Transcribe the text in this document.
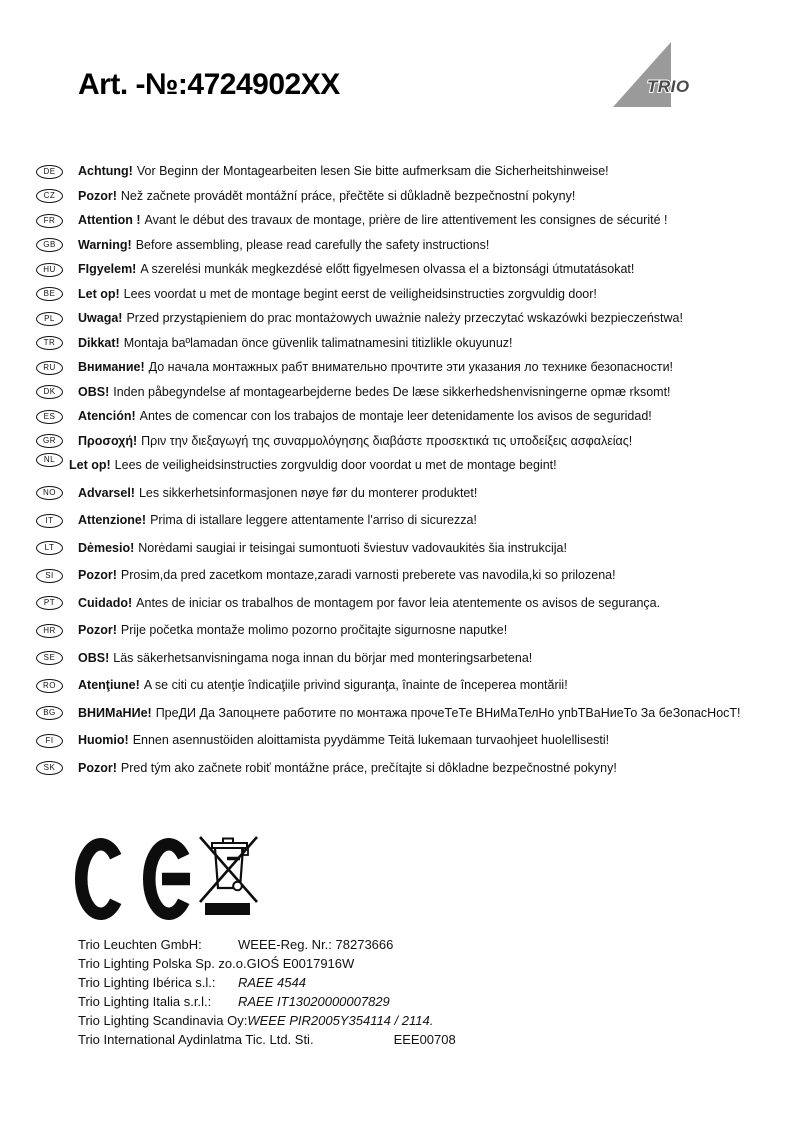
Art. -№:4724902XX	TRIO
DE Achtung! Vor Beginn der Montagearbeiten lesen Sie bitte aufmerksam die Sicherheitshinweise!
CZ Pozor! Než začnete provádět montážní práce, přečtěte si důkladně bezpečnostní pokyny!
FR Attention ! Avant le début des travaux de montage, prière de lire attentivement les consignes de sécurité !
GB Warning! Before assembling, please read carefully the safety instructions!
HU FIgyelem! A szerelési munkák megkezdésė előtt figyelmesen olvassa el a biztonsági útmutatásokat!
BE Let op! Lees voordat u met de montage begint eerst de veiligheidsinstructies zorgvuldig door!
PL Uwaga! Przed przystąpieniem do prac montażowych uważnie należy przeczytać wskazówki bezpieczeństwa!
TR Dikkat! Montaja baºlamadan önce güvenlik talimatnamesini titizlikle okuyunuz!
RU Внимание! До начала монтажных рабт внимательно прочтите эти указания ло технике безопасности!
DK OBS! Inden påbegyndelse af montagearbejderne bedes De læse sikkerhedshenvisningerne opmæ rksomt!
ES Atención! Antes de comencar con los trabajos de montaje leer detenidamente los avisos de seguridad!
GR Προσοχή! Πριν την διεξαγωγή της συναρμολόγησης διαβάστε προσεκτικά τις υποδείξεις ασφαλείας!
NL Let op! Lees de veiligheidsinstructies zorgvuldig door voordat u met de montage begint!
NO Advarsel! Les sikkerhetsinformasjonen nøye før du monterer produktet!
IT Attenzione! Prima di istallare leggere attentamente l'arriso di sicurezza!
LT Dėmesio! Norėdami saugiai ir teisingai sumontuoti šviestuv vadovaukitės šia instrukcija!
SI Pozor! Prosim,da pred zacetkom montaze,zaradi varnosti preberete vas navodila,ki so prilozena!
PT Cuidado! Antes de iniciar os trabalhos de montagem por favor leia atentemente os avisos de segurança.
HR Pozor! Prije početka montaže molimo pozorno pročitajte sigurnosne naputke!
SE OBS! Läs säkerhetsanvisningama noga innan du börjar med monteringsarbetena!
RO Atenţiune! A se citi cu atenţie îndicaţiile privind siguranţa, înainte de începerea montării!
BG ВНИМаНИе! ПреДИ Да Запоцнете работите по монтажа прочеТеТе ВНиМаТелНо упbТВаНиеТо За беЗопасНосТ!
FI Huomio! Ennen asennustöiden aloittamista pyydämme Teitä lukemaan turvaohjeet huolellisesti!
SK Pozor! Pred tým ako začnete robiť montážne práce, prečítajte si dôkladne bezpečnostné pokyny!
Trio Leuchten GmbH:	WEEE-Reg. Nr.: 78273666
Trio Lighting Polska Sp. zo.o. GIOŚ E0017916W
Trio Lighting Ibérica s.l.:	RAEE 4544
Trio Lighting Italia s.r.l.:	RAEE IT13020000007829
Trio Lighting Scandinavia Oy: WEEE PIR2005Y354114 / 2114.
Trio International Aydinlatma Tic. Ltd. Sti.	EEE00708
